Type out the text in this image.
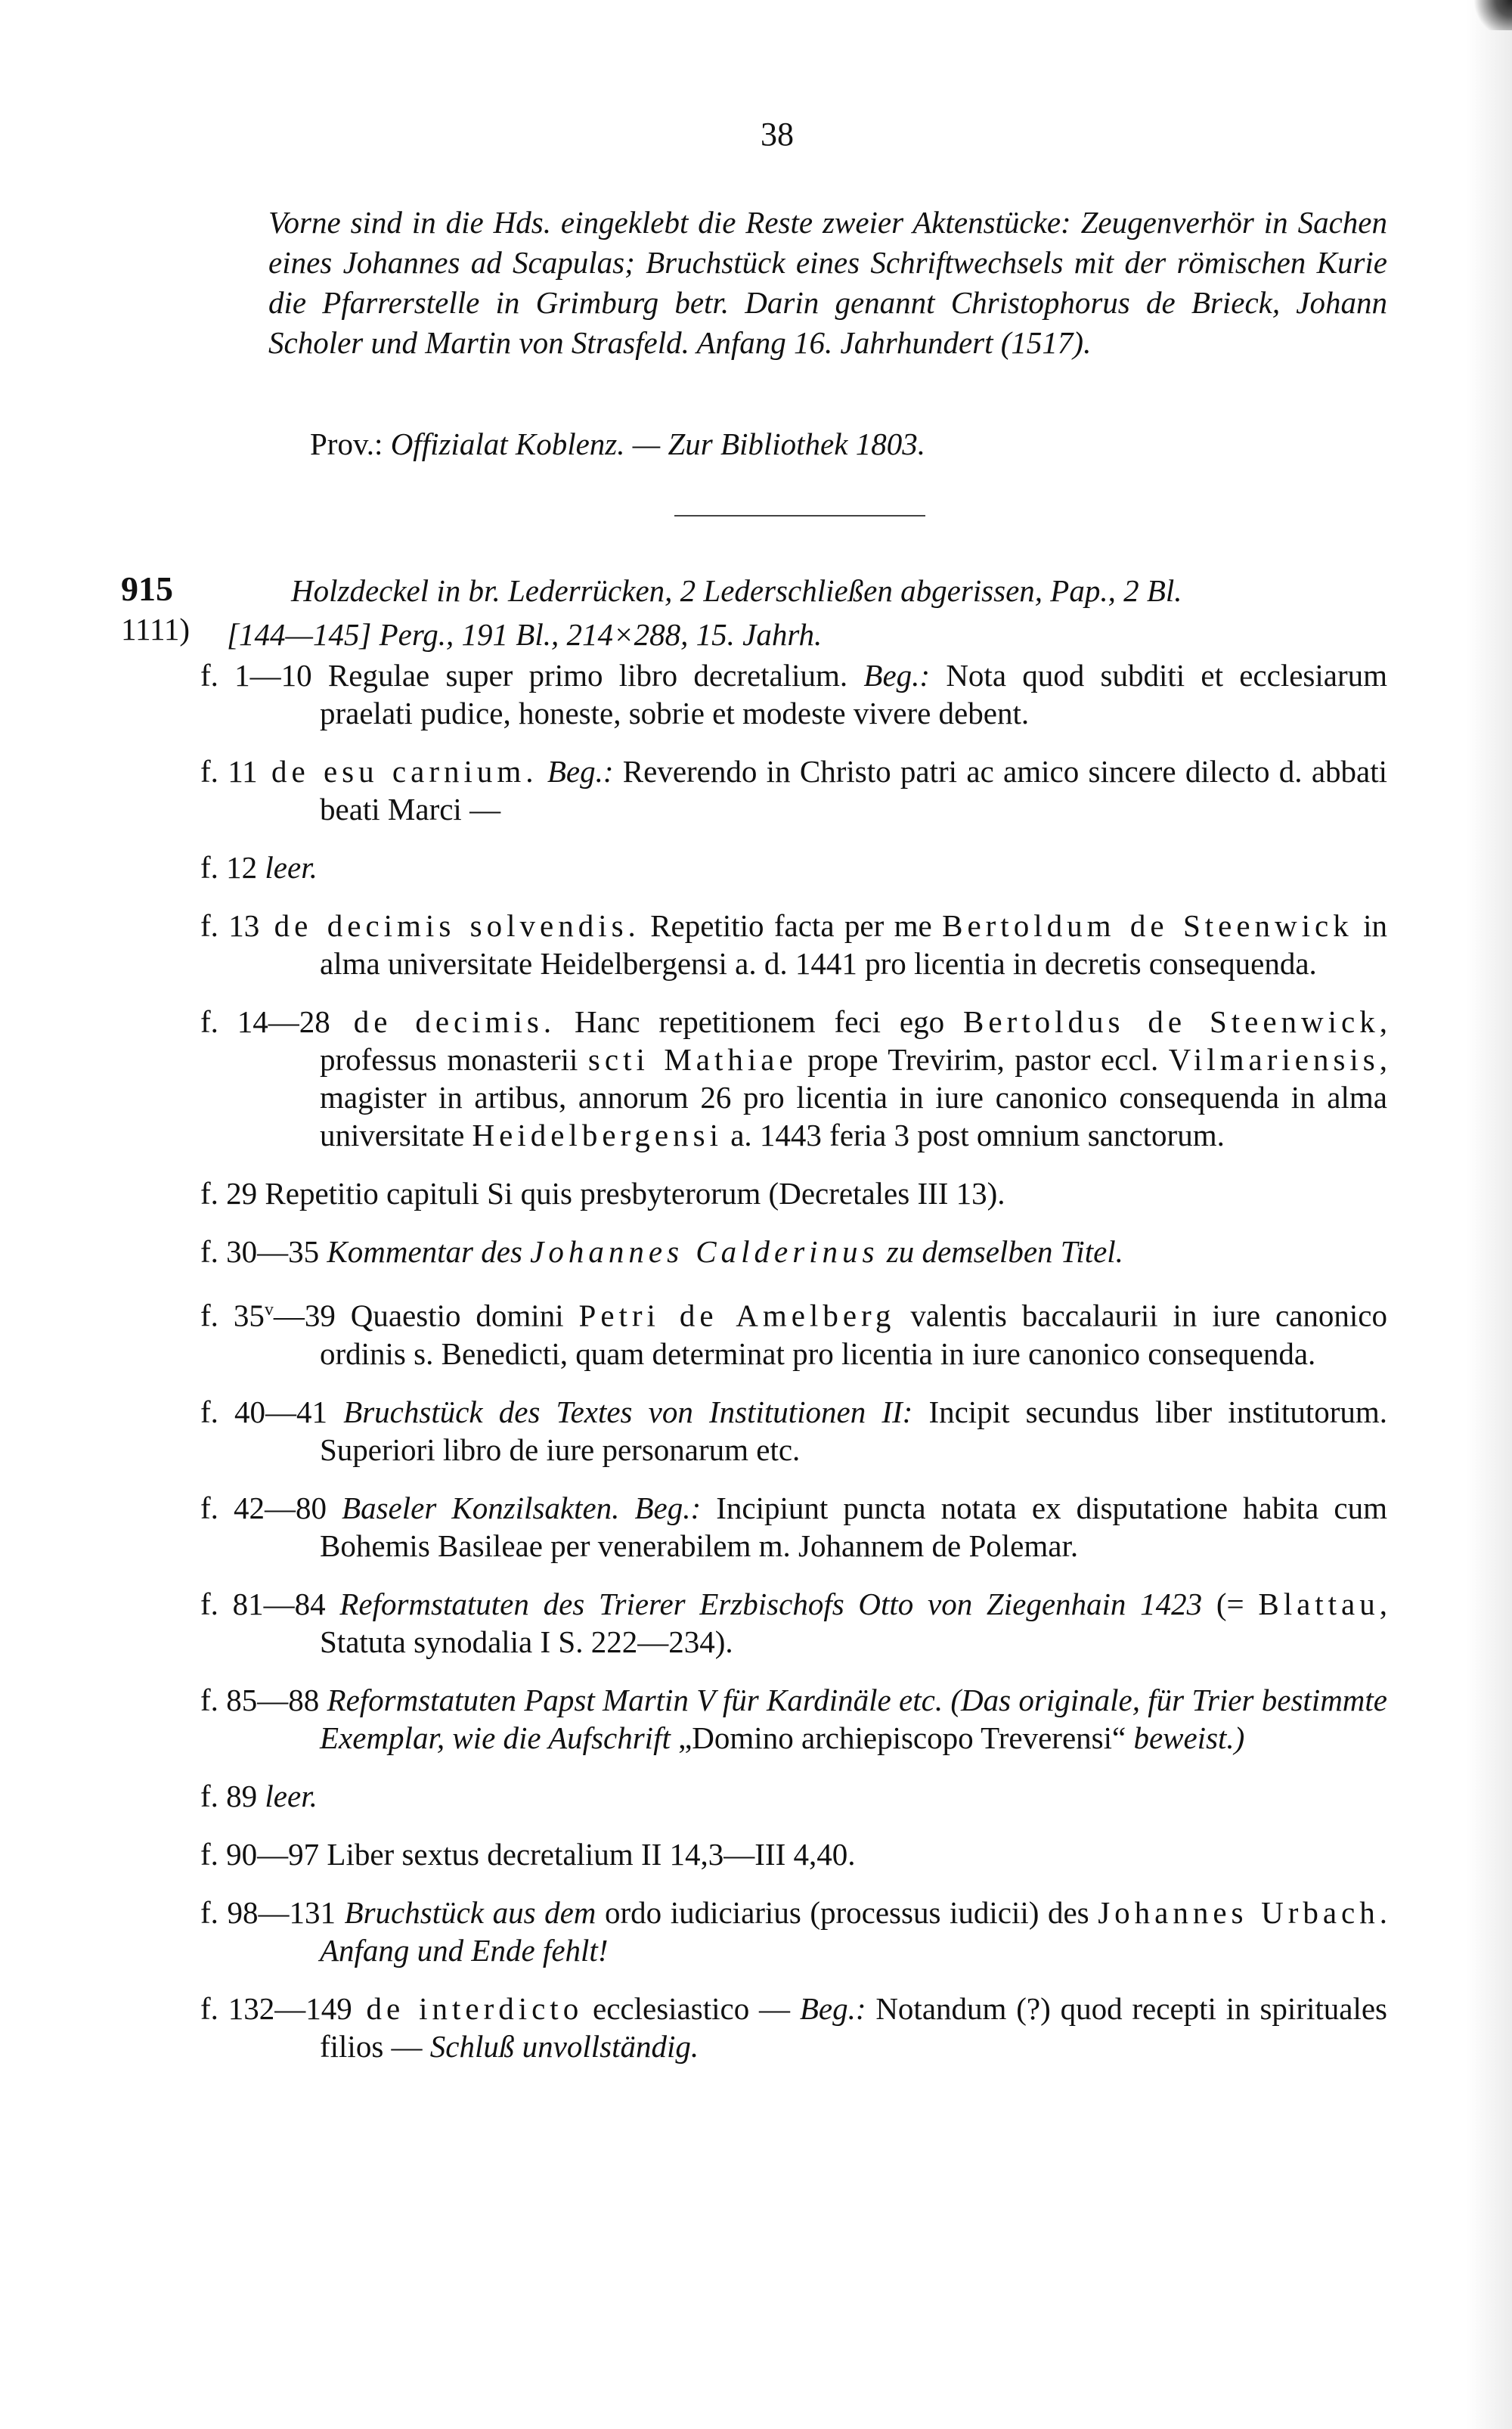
38
Vorne sind in die Hds. eingeklebt die Reste zweier Aktenstücke: Zeugenverhör in Sachen eines Johannes ad Scapulas; Bruchstück eines Schriftwechsels mit der römischen Kurie die Pfarrerstelle in Grimburg betr. Darin genannt Christophorus de Brieck, Johann Scholer und Martin von Strasfeld. Anfang 16. Jahrhundert (1517).
Prov.: Offizialat Koblenz. — Zur Bibliothek 1803.
915
1111)
Holzdeckel in br. Lederrücken, 2 Lederschließen abgerissen, Pap., 2 Bl.
[144—145] Perg., 191 Bl., 214×288, 15. Jahrh.
f. 1—10 Regulae super primo libro decretalium. Beg.: Nota quod subditi et ecclesiarum praelati pudice, honeste, sobrie et modeste vivere debent.
f. 11 de esu carnium. Beg.: Reverendo in Christo patri ac amico sincere dilecto d. abbati beati Marci —
f. 12 leer.
f. 13 de decimis solvendis. Repetitio facta per me Bertoldum de Steenwick in alma universitate Heidelbergensi a. d. 1441 pro licentia in decretis consequenda.
f. 14—28 de decimis. Hanc repetitionem feci ego Bertoldus de Steenwick, professus monasterii scti Mathiae prope Trevirim, pastor eccl. Vilmariensis, magister in artibus, annorum 26 pro licentia in iure canonico consequenda in alma universitate Heidelbergensi a. 1443 feria 3 post omnium sanctorum.
f. 29 Repetitio capituli Si quis presbyterorum (Decretales III 13).
f. 30—35 Kommentar des Johannes Calderinus zu demselben Titel.
f. 35$^v$—39 Quaestio domini Petri de Amelberg valentis baccalaurii in iure canonico ordinis s. Benedicti, quam determinat pro licentia in iure canonico consequenda.
f. 40—41 Bruchstück des Textes von Institutionen II: Incipit secundus liber institutorum. Superiori libro de iure personarum etc.
f. 42—80 Baseler Konzilsakten. Beg.: Incipiunt puncta notata ex disputatione habita cum Bohemis Basileae per venerabilem m. Johannem de Polemar.
f. 81—84 Reformstatuten des Trierer Erzbischofs Otto von Ziegenhain 1423 (= Blattau, Statuta synodalia I S. 222—234).
f. 85—88 Reformstatuten Papst Martin V für Kardinäle etc. (Das originale, für Trier bestimmte Exemplar, wie die Aufschrift „Domino archiepiscopo Treverensi“ beweist.)
f. 89 leer.
f. 90—97 Liber sextus decretalium II 14,3—III 4,40.
f. 98—131 Bruchstück aus dem ordo iudiciarius (processus iudicii) des Johannes Urbach. Anfang und Ende fehlt!
f. 132—149 de interdicto ecclesiastico — Beg.: Notandum (?) quod recepti in spirituales filios — Schluß unvollständig.
